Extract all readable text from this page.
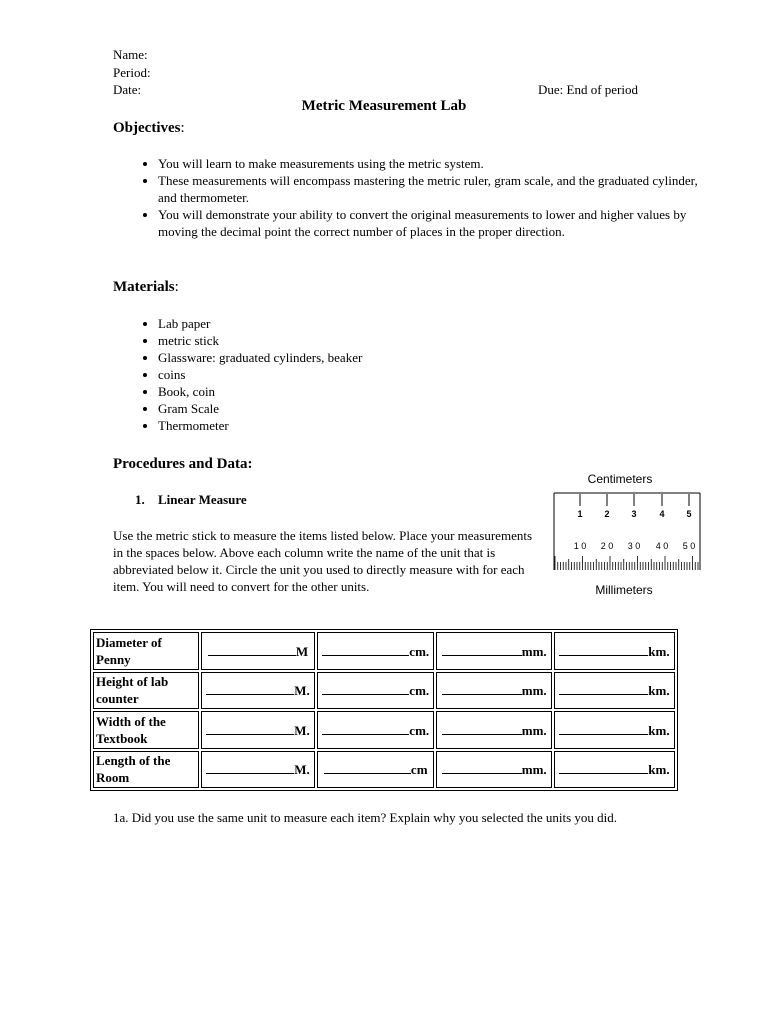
Name:
Period:
Date:	Due: End of period
Metric Measurement Lab
Objectives:
• You will learn to make measurements using the metric system.
• These measurements will encompass mastering the metric ruler, gram scale, and the graduated cylinder, and thermometer.
• You will demonstrate your ability to convert the original measurements to lower and higher values by moving the decimal point the correct number of places in the proper direction.
Materials:
• Lab paper
• metric stick
• Glassware: graduated cylinders, beaker
• coins
• Book, coin
• Gram Scale
• Thermometer
Procedures and Data:
1. Linear Measure
Use the metric stick to measure the items listed below. Place your measurements in the spaces below. Above each column write the name of the unit that is abbreviated below it. Circle the unit you used to directly measure with for each item. You will need to convert for the other units.
Centimeters
1 2 3	4 5
1 0 2 0 3 0 4 0 5 0
Millimeters
Diameter of Penny	M	cm.	mm.	km.
Height of lab counter	M.	cm.	mm.	km.
Width of the Textbook	M.	cm.	mm.	km.
Length of the Room	M.	cm	mm.	km.
1a. Did you use the same unit to measure each item? Explain why you selected the units you did.
